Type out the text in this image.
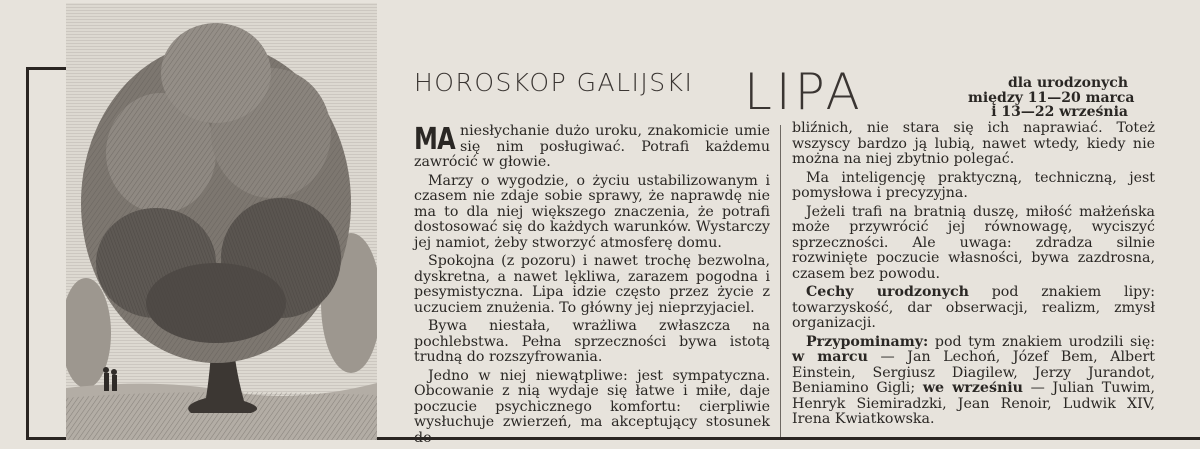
HOROSKOP GALIJSKI LIPA	dla urodzonych
między 11—20 marca
i 13—22 września

MA niesłychanie dużo uroku, znakomicie umie się nim posługiwać. Potrafi każdemu zawrócić w głowie.

Marzy o wygodzie, o życiu ustabilizowanym i czasem nie zdaje sobie sprawy, że naprawdę nie ma to dla niej większego znaczenia, że potrafi dostosować się do każdych warunków. Wystarczy jej namiot, żeby stworzyć atmosferę domu.

Spokojna (z pozoru) i nawet trochę bezwolna, dyskretna, a nawet lękliwa, zarazem pogodna i pesymistyczna. Lipa idzie często przez życie z uczuciem znużenia. To główny jej nieprzyjaciel.

Bywa niestała, wrażliwa zwłaszcza na pochlebstwa. Pełna sprzeczności bywa istotą trudną do rozszyfrowania.

Jedno w niej niewątpliwe: jest sympatyczna. Obcowanie z nią wydaje się łatwe i miłe, daje poczucie psychicznego komfortu: cierpliwie wysłuchuje zwierzeń, ma akceptujący stosunek do

bliźnich, nie stara się ich naprawiać. Toteż wszyscy bardzo ją lubią, nawet wtedy, kiedy nie można na niej zbytnio polegać.

Ma inteligencję praktyczną, techniczną, jest pomysłowa i precyzyjna.

Jeżeli trafi na bratnią duszę, miłość małżeńska może przywrócić jej równowagę, wyciszyć sprzeczności. Ale uwaga: zdradza silnie rozwinięte poczucie własności, bywa zazdrosna, czasem bez powodu.

Cechy urodzonych pod znakiem lipy: towarzyskość, dar obserwacji, realizm, zmysł organizacji.

Przypominamy: pod tym znakiem urodzili się: w marcu — Jan Lechoń, Józef Bem, Albert Einstein, Sergiusz Diagilew, Jerzy Jurandot, Beniamino Gigli; we wrześniu — Julian Tuwim, Henryk Siemiradzki, Jean Renoir, Ludwik XIV, Irena Kwiatkowska.
